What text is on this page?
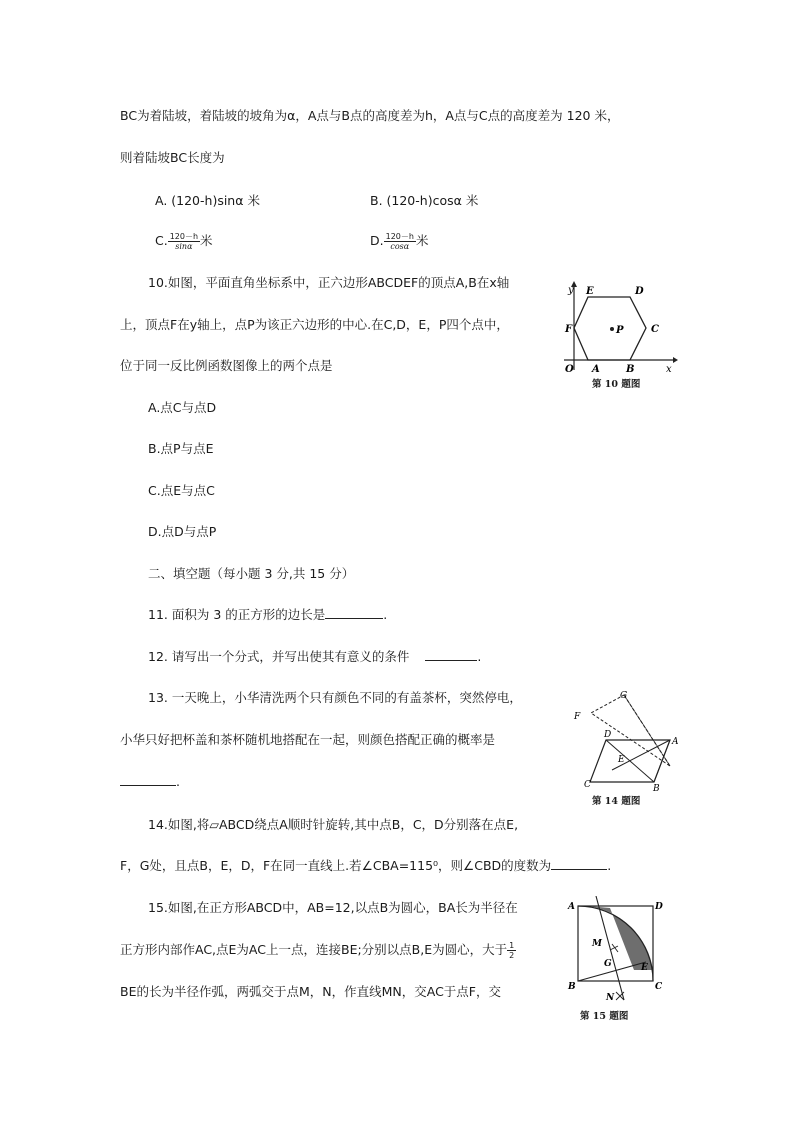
BC为着陆坡，着陆坡的坡角为α，A点与B点的高度差为h，A点与C点的高度差为 120 米，
则着陆坡BC长度为
A. (120-h)sinα 米	B. (120-h)cosα 米
C. $\frac{120-h}{\sin\alpha}$ 米	D. $\frac{120-h}{\cos\alpha}$ 米
10.如图，平面直角坐标系中，正六边形ABCDEF的顶点A,B在x轴
上，顶点F在y轴上，点P为该正六边形的中心.在C,D，E，P四个点中，
位于同一反比例函数图像上的两个点是
A.点C与点D
B.点P与点E
C.点E与点C
D.点D与点P
y E	D
F	P	C
O A	B	x
第 10 题图
二、填空题（每小题 3 分,共 15 分）
11. 面积为 3 的正方形的边长是	.
12. 请写出一个分式，并写出使其有意义的条件	.
13. 一天晚上，小华清洗两个只有颜色不同的有盖茶杯，突然停电，
小华只好把杯盖和茶杯随机地搭配在一起，则颜色搭配正确的概率是
.
G
F
D
A
E
C	B
第 14 题图
14.如图,将▱ABCD绕点A顺时针旋转,其中点B，C，D分别落在点E,
F，G处，且点B，E，D，F在同一直线上.若∠CBA=115⁰，则∠CBD的度数为	.
15.如图,在正方形ABCD中，AB=12,以点B为圆心，BA长为半径在
正方形内部作AC,点E为AC上一点，连接BE;分别以点B,E为圆心，大于 $\frac{1}{2}$
BE的长为半径作弧，两弧交于点M，N，作直线MN，交AC于点F，交
A
F
D
M
G	E
B	C
N
第 15 题图
